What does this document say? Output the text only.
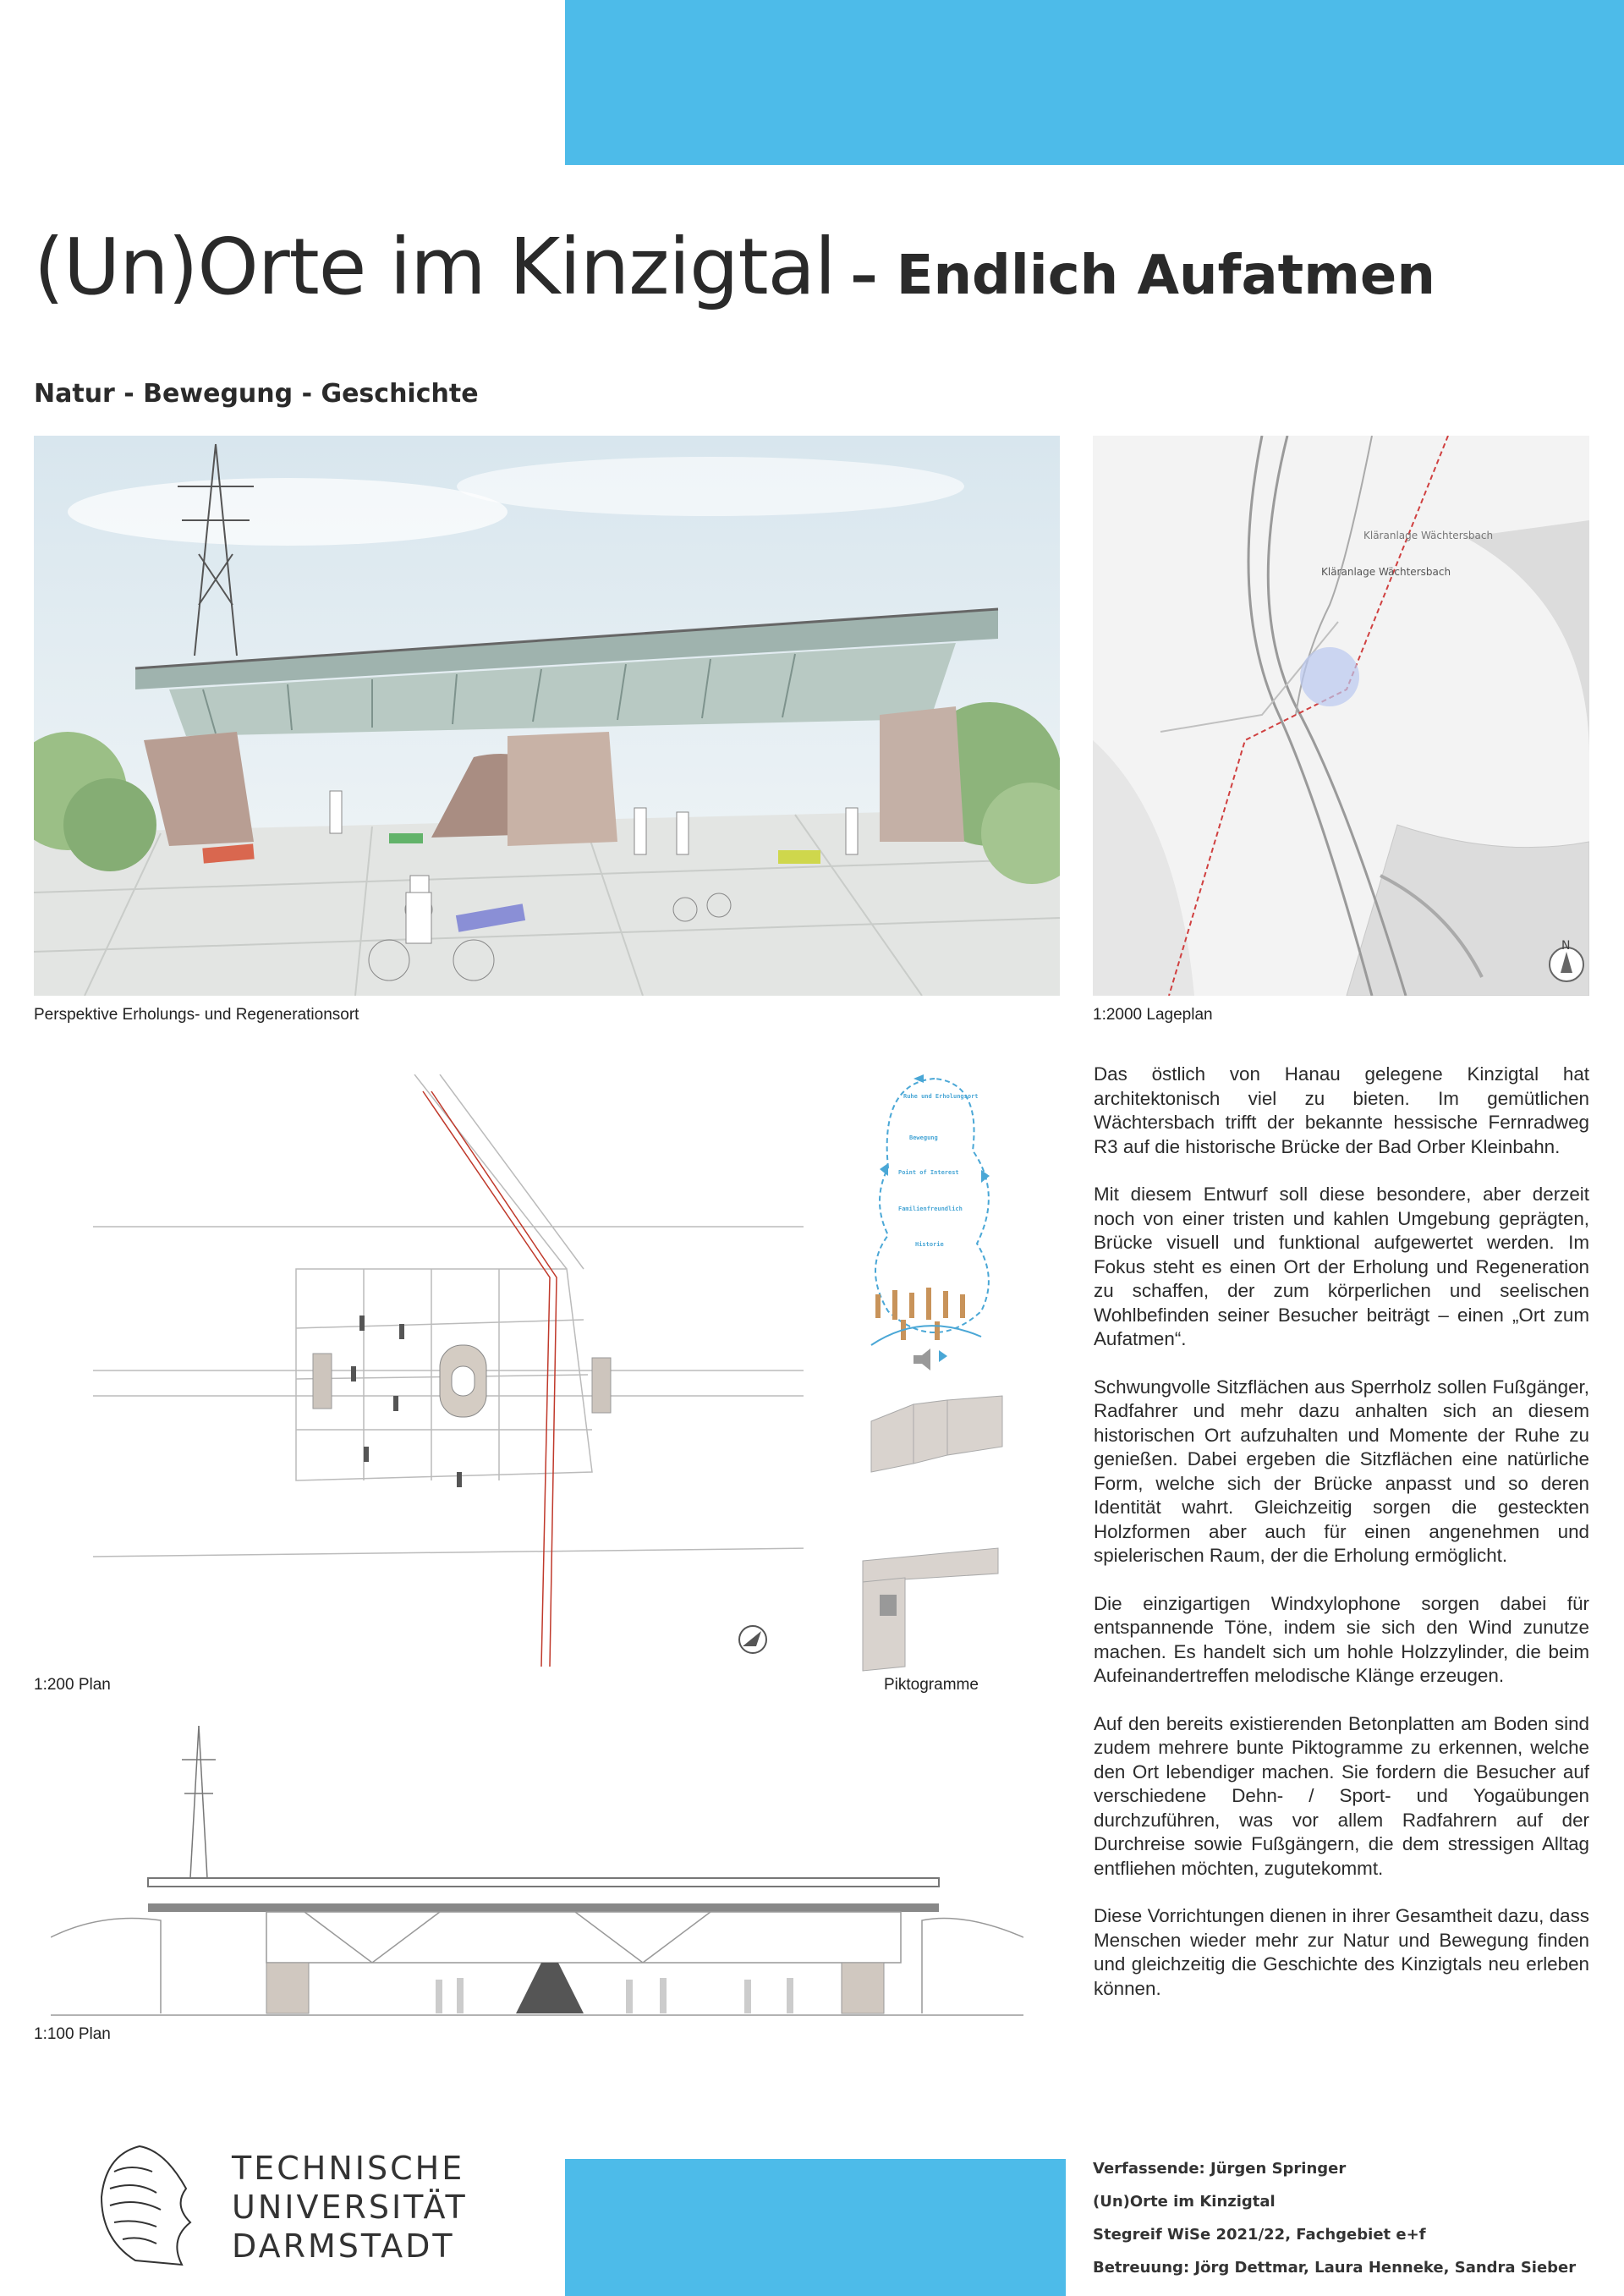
(Un)Orte im Kinzigtal – Endlich Aufatmen
Natur - Bewegung - Geschichte
Kläranlage Wächtersbach
Kläranlage Wächtersbach
N
Perspektive Erholungs- und Regenerationsort	1:2000 Lageplan
Ruhe und Erholungsort
Bewegung
Point of Interest
Familienfreundlich
Historie
1:200 Plan	Piktogramme
1:100 Plan

Das östlich von Hanau gelegene Kinzigtal hat architektonisch viel zu bieten. Im gemütlichen Wächtersbach trifft der bekannte hessische Fernradweg R3 auf die historische Brücke der Bad Orber Kleinbahn.

Mit diesem Entwurf soll diese besondere, aber derzeit noch von einer tristen und kahlen Umgebung geprägten, Brücke visuell und funktional aufgewertet werden. Im Fokus steht es einen Ort der Erholung und Regeneration zu schaffen, der zum körperlichen und seelischen Wohlbefinden seiner Besucher beiträgt – einen „Ort zum Aufatmen“.

Schwungvolle Sitzflächen aus Sperrholz sollen Fußgänger, Radfahrer und mehr dazu anhalten sich an diesem historischen Ort aufzuhalten und Momente der Ruhe zu genießen. Dabei ergeben die Sitzflächen eine natürliche Form, welche sich der Brücke anpasst und so deren Identität wahrt. Gleichzeitig sorgen die gesteckten Holzformen aber auch für einen angenehmen und spielerischen Raum, der die Erholung ermöglicht.

Die einzigartigen Windxylophone sorgen dabei für entspannende Töne, indem sie sich den Wind zunutze machen. Es handelt sich um hohle Holzzylinder, die beim Aufeinandertreffen melodische Klänge erzeugen.

Auf den bereits existierenden Betonplatten am Boden sind zudem mehrere bunte Piktogramme zu erkennen, welche den Ort lebendiger machen. Sie fordern die Besucher auf verschiedene Dehn- / Sport- und Yogaübungen durchzuführen, was vor allem Radfahrern auf der Durchreise sowie Fußgängern, die dem stressigen Alltag entfliehen möchten, zugutekommt.

Diese Vorrichtungen dienen in ihrer Gesamtheit dazu, dass Menschen wieder mehr zur Natur und Bewegung finden und gleichzeitig die Geschichte des Kinzigtals neu erleben können.

TECHNISCHE
UNIVERSITÄT
DARMSTADT
Verfassende: Jürgen Springer
(Un)Orte im Kinzigtal
Stegreif WiSe 2021/22, Fachgebiet e+f
Betreuung: Jörg Dettmar, Laura Henneke, Sandra Sieber
